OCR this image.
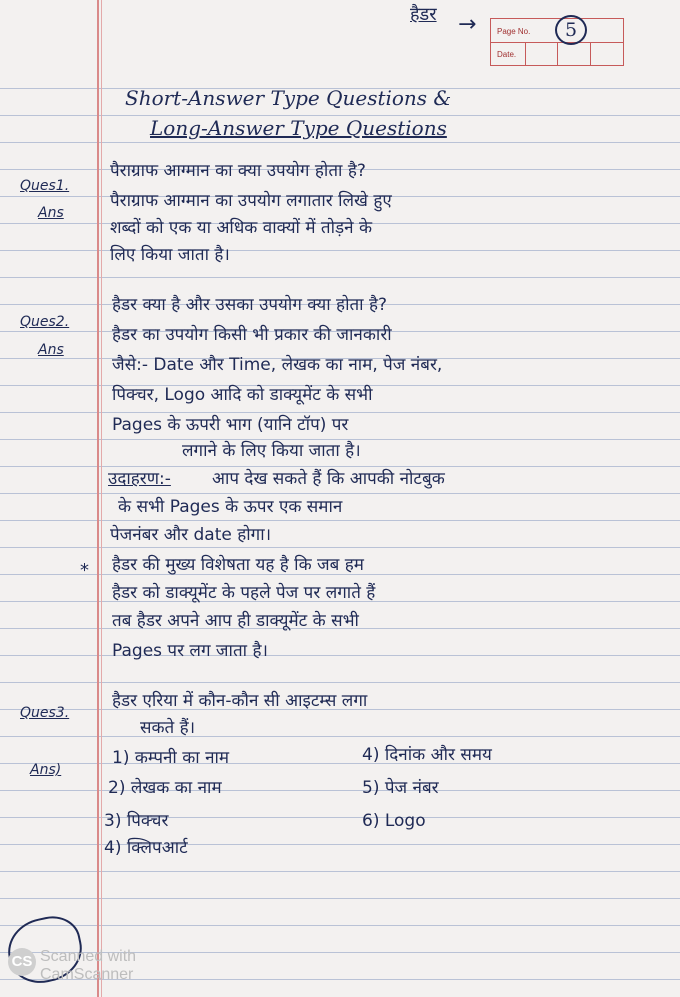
हैडर →	Page No.	5
Date.
Short-Answer Type Questions &
Long-Answer Type Questions
Ques1.
Ans
पैराग्राफ आग्मान का क्या उपयोग होता है?
पैराग्राफ आग्मान का उपयोग लगातार लिखे हुए
शब्दों को एक या अधिक वाक्यों में तोड़ने के
लिए किया जाता है।
Ques2.
Ans
हैडर क्या है और उसका उपयोग क्या होता है?
हैडर का उपयोग किसी भी प्रकार की जानकारी
जैसे:- Date और Time, लेखक का नाम, पेज नंबर,
पिक्चर, Logo आदि को डाक्यूमेंट के सभी
Pages के ऊपरी भाग (यानि टॉप) पर
लगाने के लिए किया जाता है।
उदाहरण:- आप देख सकते हैं कि आपकी नोटबुक
के सभी Pages के ऊपर एक समान
पेजनंबर और date होगा।
* हैडर की मुख्य विशेषता यह है कि जब हम
हैडर को डाक्यूमेंट के पहले पेज पर लगाते हैं
तब हैडर अपने आप ही डाक्यूमेंट के सभी
Pages पर लग जाता है।
Ques3.
हैडर एरिया में कौन-कौन सी आइटम्स लगा
सकते हैं।
Ans)
1) कम्पनी का नाम
2) लेखक का नाम
3) पिक्चर
4) क्लिपआर्ट
4) दिनांक और समय
5) पेज नंबर
6) Logo
CS Scanned with
CamScanner
